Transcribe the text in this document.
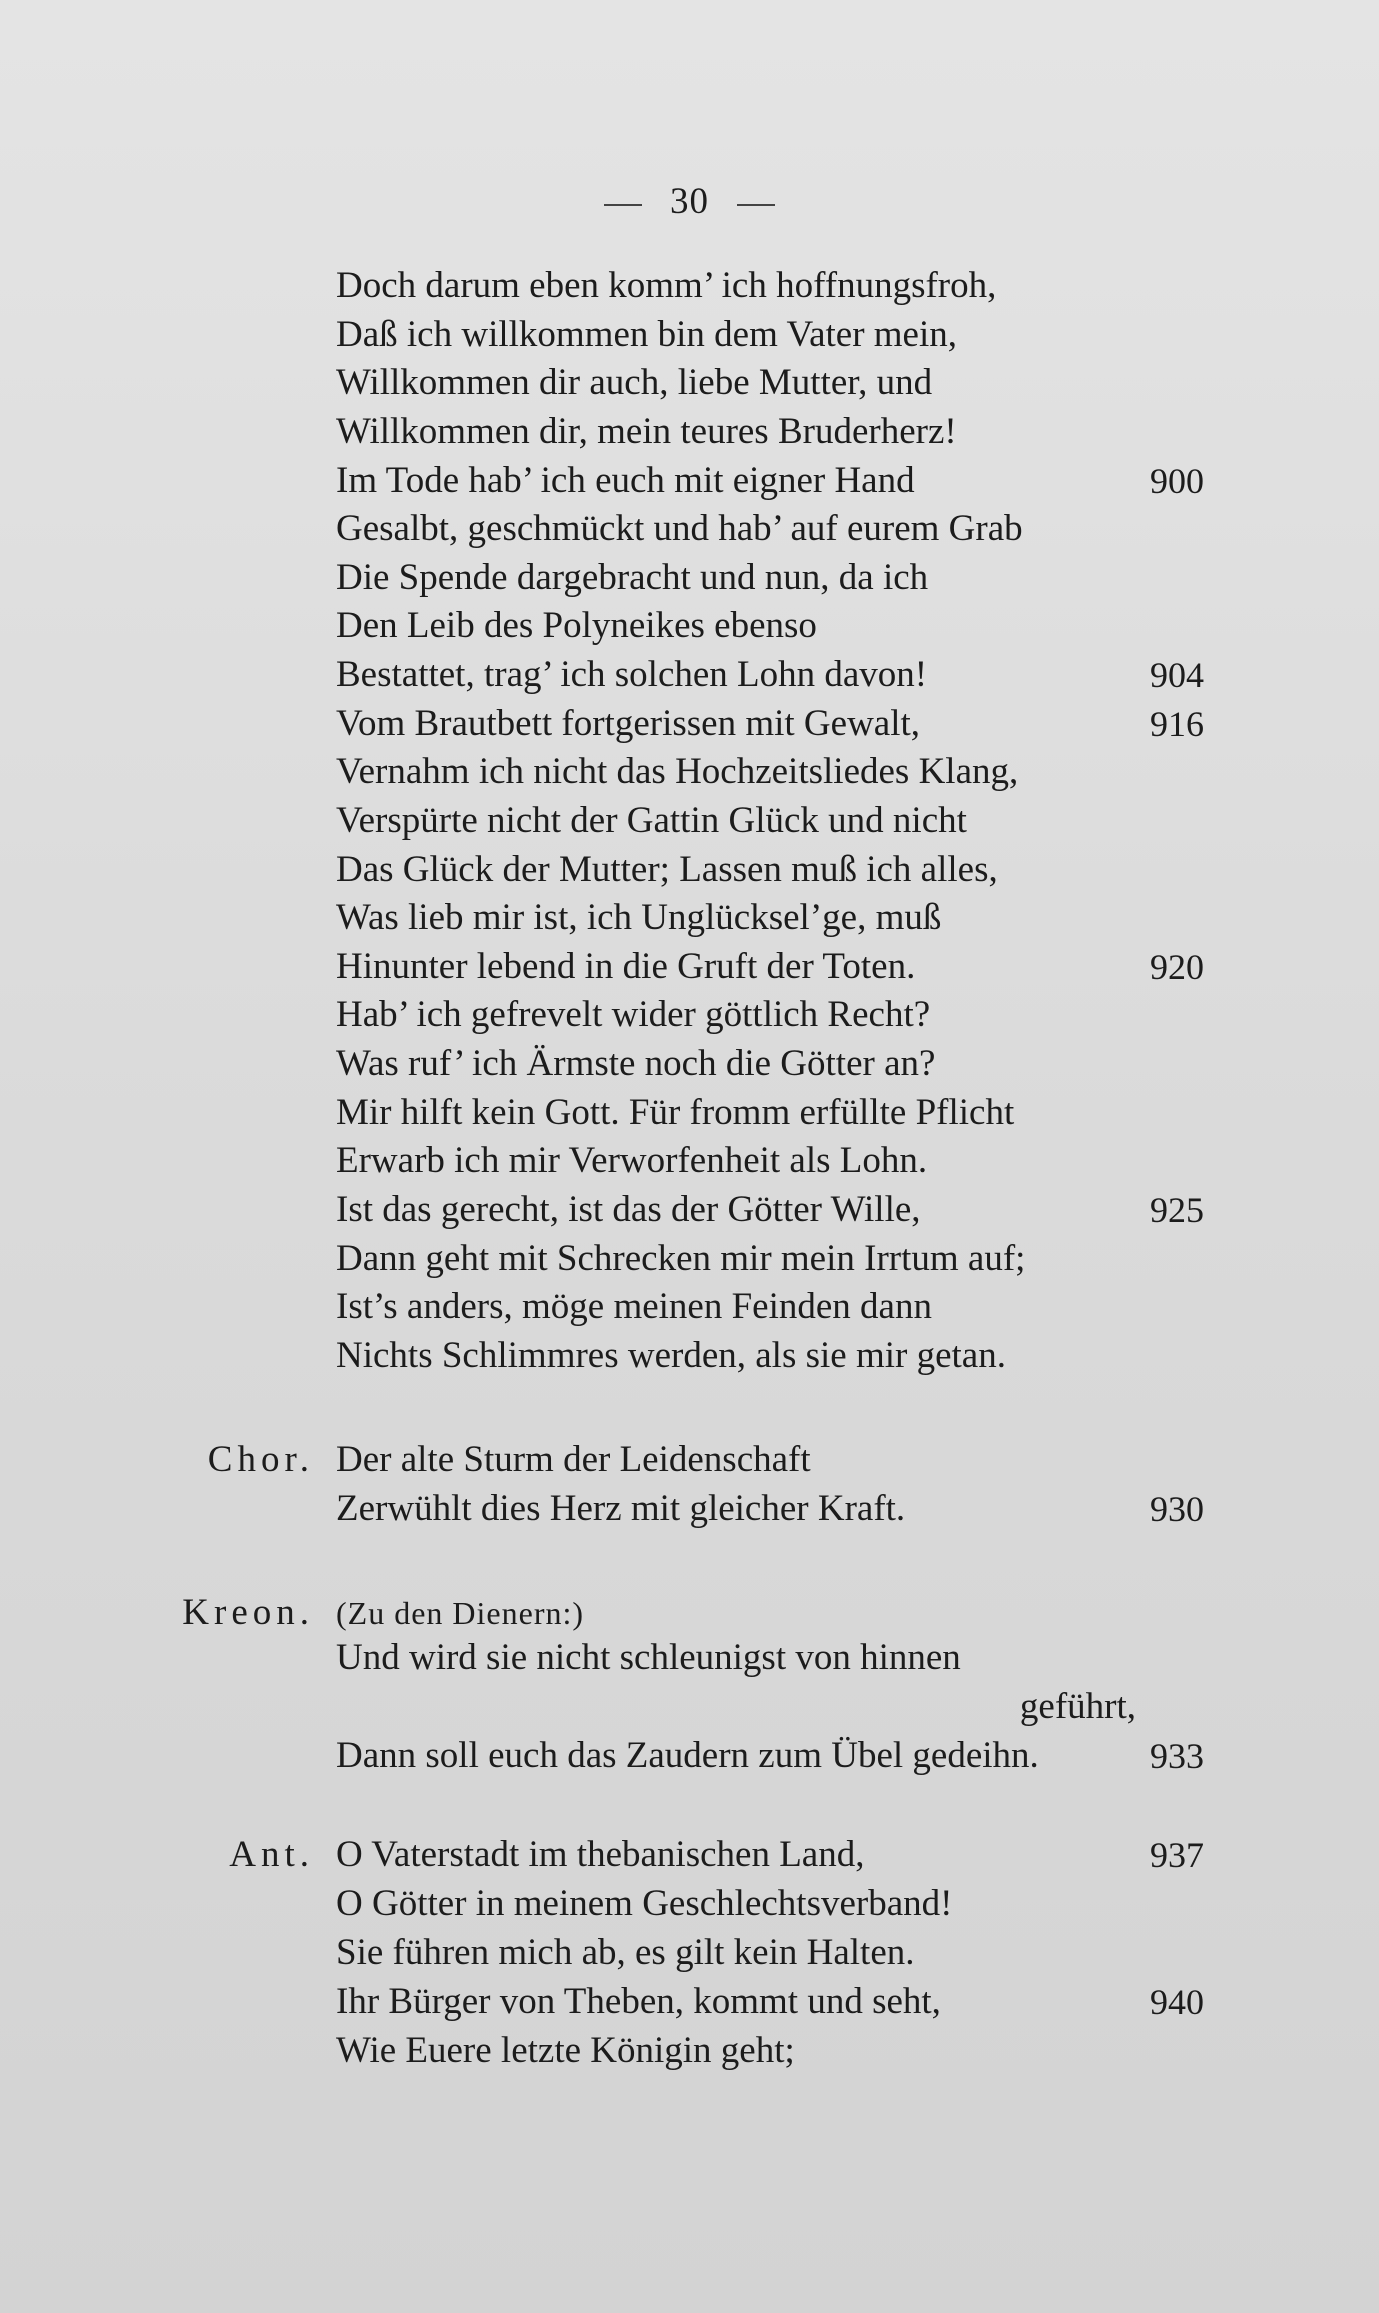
30
Doch darum eben komm’ ich hoffnungsfroh,
Daß ich willkommen bin dem Vater mein,
Willkommen dir auch, liebe Mutter, und
Willkommen dir, mein teures Bruderherz!
Im Tode hab’ ich euch mit eigner Hand	900
Gesalbt, geschmückt und hab’ auf eurem Grab
Die Spende dargebracht und nun, da ich
Den Leib des Polyneikes ebenso
Bestattet, trag’ ich solchen Lohn davon!	904
Vom Brautbett fortgerissen mit Gewalt,	916
Vernahm ich nicht das Hochzeitsliedes Klang,
Verspürte nicht der Gattin Glück und nicht
Das Glück der Mutter; Lassen muß ich alles,
Was lieb mir ist, ich Unglücksel’ge, muß
Hinunter lebend in die Gruft der Toten.	920
Hab’ ich gefrevelt wider göttlich Recht?
Was ruf’ ich Ärmste noch die Götter an?
Mir hilft kein Gott. Für fromm erfüllte Pflicht
Erwarb ich mir Verworfenheit als Lohn.
Ist das gerecht, ist das der Götter Wille,	925
Dann geht mit Schrecken mir mein Irrtum auf;
Ist’s anders, möge meinen Feinden dann
Nichts Schlimmres werden, als sie mir getan.
Chor. Der alte Sturm der Leidenschaft
Zerwühlt dies Herz mit gleicher Kraft.	930
Kreon. (Zu den Dienern:)
Und wird sie nicht schleunigst von hinnen
geführt,
Dann soll euch das Zaudern zum Übel gedeihn.	933
Ant. O Vaterstadt im thebanischen Land,	937
O Götter in meinem Geschlechtsverband!
Sie führen mich ab, es gilt kein Halten.
Ihr Bürger von Theben, kommt und seht,	940
Wie Euere letzte Königin geht;
